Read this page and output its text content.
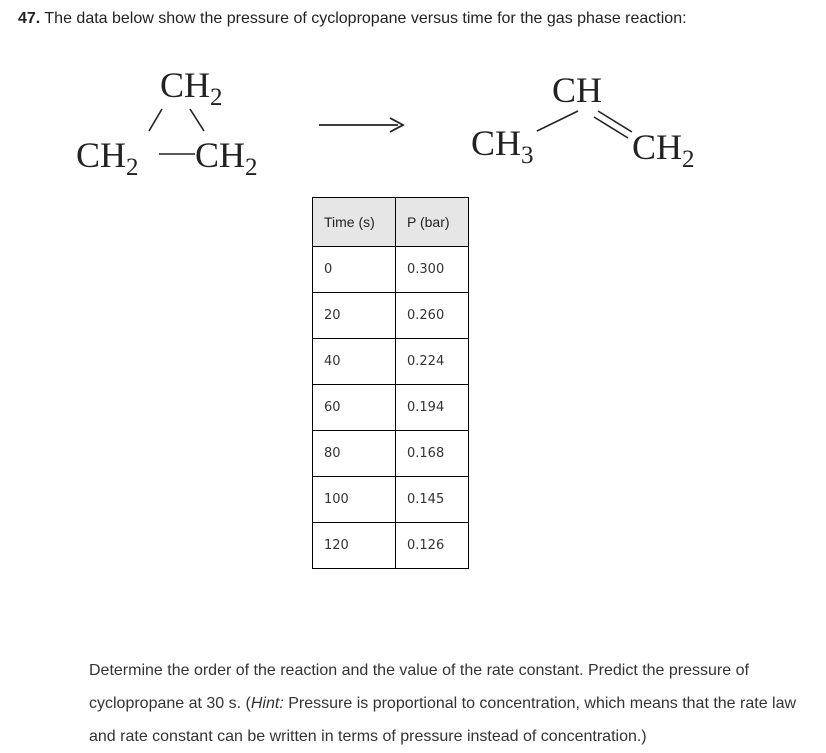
47. The data below show the pressure of cyclopropane versus time for the gas phase reaction:
$CH_2$
$CH_2$ $CH_2$
CH
$CH_3$	$CH_2$
Time (s)	P (bar)
0	0.300
20	0.260
40	0.224
60	0.194
80	0.168
100	0.145
120	0.126
Determine the order of the reaction and the value of the rate constant. Predict the pressure of cyclopropane at 30 s. (Hint: Pressure is proportional to concentration, which means that the rate law and rate constant can be written in terms of pressure instead of concentration.)
